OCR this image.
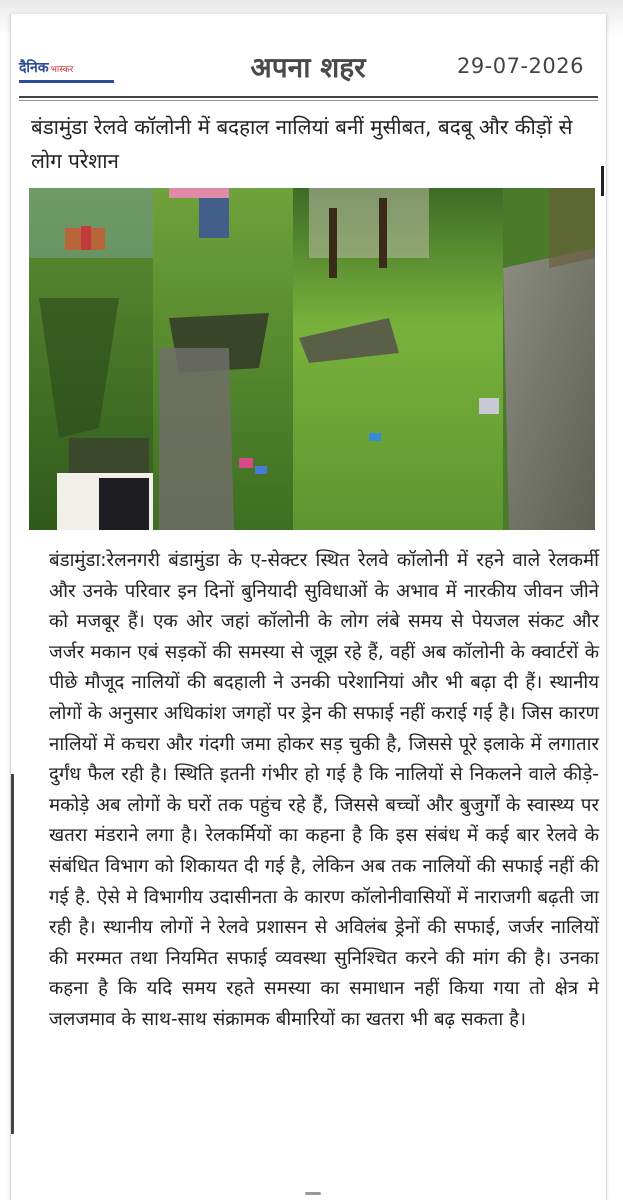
दैनिक भास्कर	अपना शहर	29-07-2026
बंडामुंडा रेलवे कॉलोनी में बदहाल नालियां बनीं मुसीबत, बदबू और कीड़ों से लोग परेशान

बंडामुंडा:रेलनगरी बंडामुंडा के ए-सेक्टर स्थित रेलवे कॉलोनी में रहने वाले रेलकर्मी और उनके परिवार इन दिनों बुनियादी सुविधाओं के अभाव में नारकीय जीवन जीने को मजबूर हैं। एक ओर जहां कॉलोनी के लोग लंबे समय से पेयजल संकट और जर्जर मकान एबं सड़कों की समस्या से जूझ रहे हैं, वहीं अब कॉलोनी के क्वार्टरों के पीछे मौजूद नालियों की बदहाली ने उनकी परेशानियां और भी बढ़ा दी हैं। स्थानीय लोगों के अनुसार अधिकांश जगहों पर ड्रेन की सफाई नहीं कराई गई है। जिस कारण नालियों में कचरा और गंदगी जमा होकर सड़ चुकी है, जिससे पूरे इलाके में लगातार दुर्गंध फैल रही है। स्थिति इतनी गंभीर हो गई है कि नालियों से निकलने वाले कीड़े-मकोड़े अब लोगों के घरों तक पहुंच रहे हैं, जिससे बच्चों और बुजुर्गों के स्वास्थ्य पर खतरा मंडराने लगा है। रेलकर्मियों का कहना है कि इस संबंध में कई बार रेलवे के संबंधित विभाग को शिकायत दी गई है, लेकिन अब तक नालियों की सफाई नहीं की गई है. ऐसे मे विभागीय उदासीनता के कारण कॉलोनीवासियों में नाराजगी बढ़ती जा रही है। स्थानीय लोगों ने रेलवे प्रशासन से अविलंब ड्रेनों की सफाई, जर्जर नालियों की मरम्मत तथा नियमित सफाई व्यवस्था सुनिश्चित करने की मांग की है। उनका कहना है कि यदि समय रहते समस्या का समाधान नहीं किया गया तो क्षेत्र मे जलजमाव के साथ-साथ संक्रामक बीमारियों का खतरा भी बढ़ सकता है।
